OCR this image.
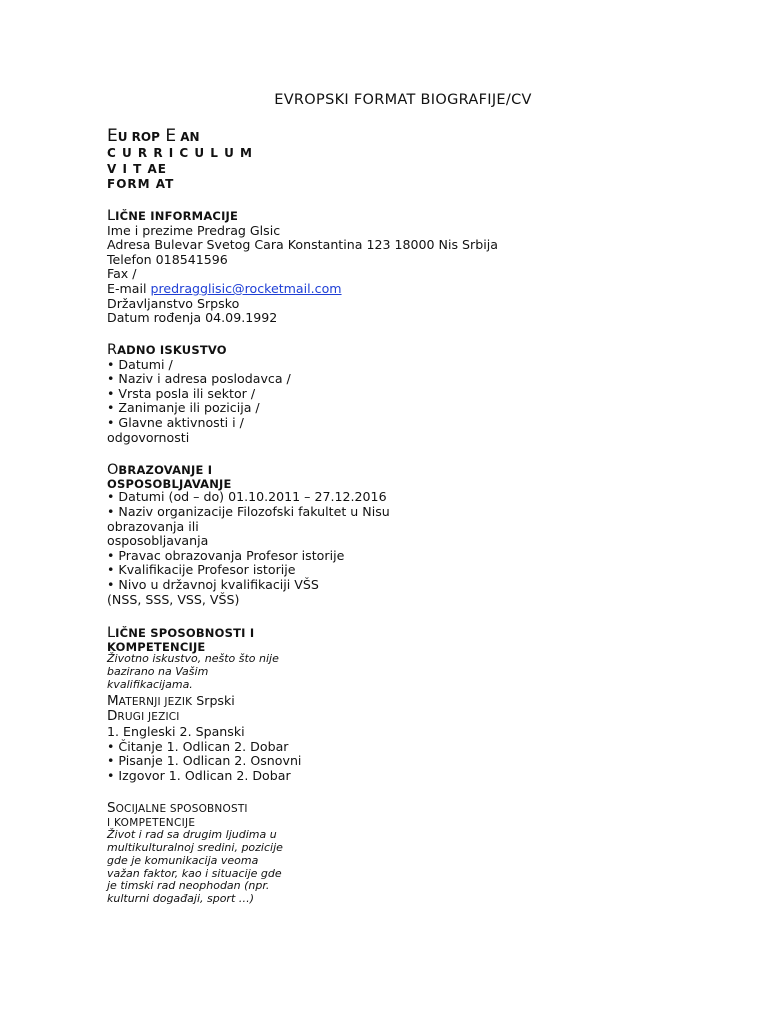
EVROPSKI FORMAT BIOGRAFIJE/CV
EU ROP E AN
C U R R I C U L U M
V I T AE
FORM AT
LIČNE INFORMACIJE
Ime i prezime Predrag Glsic
Adresa Bulevar Svetog Cara Konstantina 123 18000 Nis Srbija
Telefon 018541596
Fax /
E-mail predragglisic@rocketmail.com
Državljanstvo Srpsko
Datum rođenja 04.09.1992
RADNO ISKUSTVO
• Datumi /
• Naziv i adresa poslodavca /
• Vrsta posla ili sektor /
• Zanimanje ili pozicija /
• Glavne aktivnosti i /
odgovornosti
OBRAZOVANJE I
OSPOSOBLJAVANJE
• Datumi (od – do) 01.10.2011 – 27.12.2016
• Naziv organizacije Filozofski fakultet u Nisu
obrazovanja ili
osposobljavanja
• Pravac obrazovanja Profesor istorije
• Kvalifikacije Profesor istorije
• Nivo u državnoj kvalifikaciji VŠS
(NSS, SSS, VSS, VŠS)
LIČNE SPOSOBNOSTI I
KOMPETENCIJE
Životno iskustvo, nešto što nije
bazirano na Vašim
kvalifikacijama.
MATERNJI JEZIK Srpski
DRUGI JEZICI
1. Engleski 2. Spanski
• Čitanje 1. Odlican 2. Dobar
• Pisanje 1. Odlican 2. Osnovni
• Izgovor 1. Odlican 2. Dobar
SOCIJALNE SPOSOBNOSTI
I KOMPETENCIJE
Život i rad sa drugim ljudima u
multikulturalnoj sredini, pozicije
gde je komunikacija veoma
važan faktor, kao i situacije gde
je timski rad neophodan (npr.
kulturni događaji, sport …)
